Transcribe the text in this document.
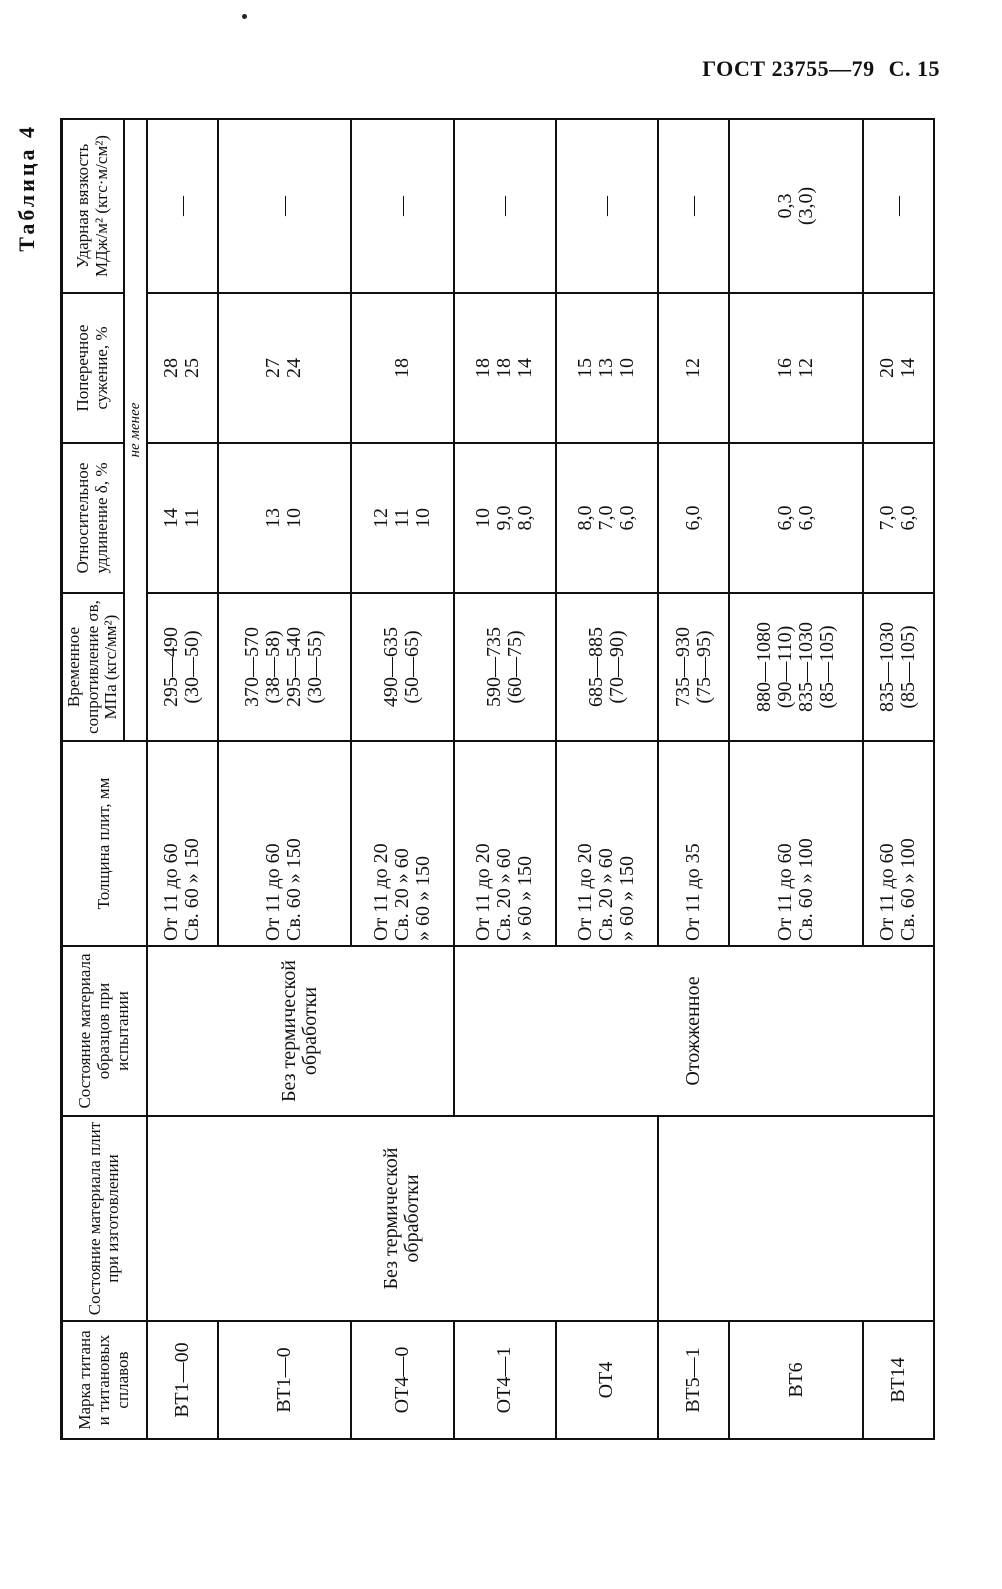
ГОСТ 23755—79 С. 15
Таблица 4
Марка титана и титановых сплавов	Состояние материала плит при изготовлении	Состояние материала образцов при испытании	Толщина плит, мм	Временное сопротивление σв, МПа (кгс/мм²)	Относительное удлинение δ, %	Поперечное сужение, %	Ударная вязкость МДж/м² (кгс·м/см²)
				не менее			
ВТ1—00	Без термической обработки	Без термической обработки	От 11 до 60 Св. 60 » 150	295—490 (30—50)	14 11	28 25	—
ВТ1—0			От 11 до 60 Св. 60 » 150	370—570 (38—58) 295—540 (30—55)	13 10	27 24	—
ОТ4—0			От 11 до 20 Св. 20 » 60 » 60 » 150	490—635 (50—65)	12 11 10	18	—
ОТ4—1		Отожженное	От 11 до 20 Св. 20 » 60 » 60 » 150	590—735 (60—75)	10 9,0 8,0	18 18 14	—
ОТ4			От 11 до 20 Св. 20 » 60 » 60 » 150	685—885 (70—90)	8,0 7,0 6,0	15 13 10	—
ВТ5—1			От 11 до 35	735—930 (75—95)	6,0	12	—
ВТ6			От 11 до 60 Св. 60 » 100	880—1080 (90—110) 835—1030 (85—105)	6,0 6,0	16 12	0,3 (3,0)

ВТ14			От 11 до 60 Св. 60 » 100	835—1030 (85—105)	7,0 6,0	20 14	—
